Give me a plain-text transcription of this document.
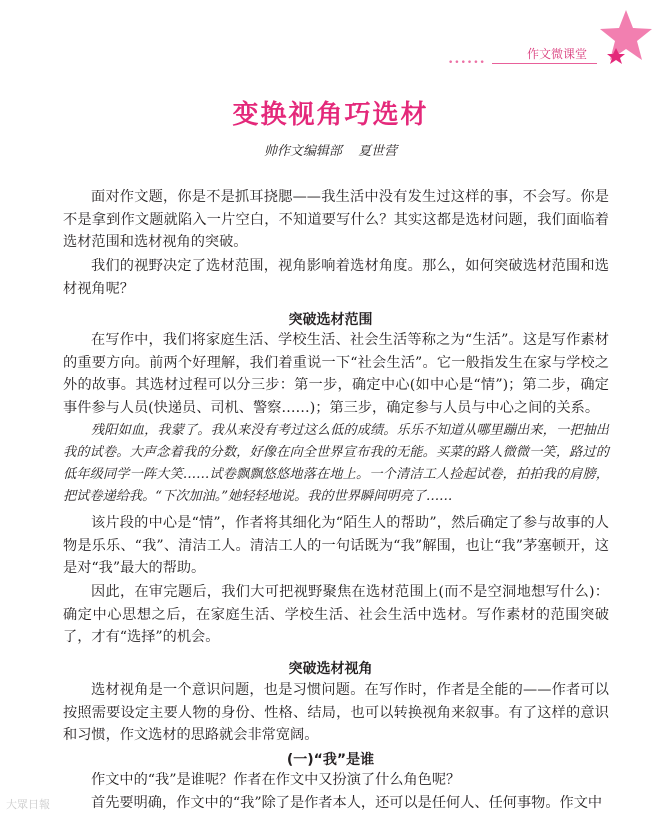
••••••
作文微课堂
变换视角巧选材
帅作文编辑部 夏世营

面对作文题，你是不是抓耳挠腮——我生活中没有发生过这样的事，不会写。你是不是拿到作文题就陷入一片空白，不知道要写什么？其实这都是选材问题，我们面临着选材范围和选材视角的突破。

我们的视野决定了选材范围，视角影响着选材角度。那么，如何突破选材范围和选材视角呢？

突破选材范围

在写作中，我们将家庭生活、学校生活、社会生活等称之为“生活”。这是写作素材的重要方向。前两个好理解，我们着重说一下“社会生活”。它一般指发生在家与学校之外的故事。其选材过程可以分三步：第一步，确定中心(如中心是“情”)；第二步，确定事件参与人员(快递员、司机、警察……)；第三步，确定参与人员与中心之间的关系。

残阳如血，我蒙了。我从来没有考过这么低的成绩。乐乐不知道从哪里蹦出来，一把抽出我的试卷。大声念着我的分数，好像在向全世界宣布我的无能。买菜的路人微微一笑，路过的低年级同学一阵大笑……试卷飘飘悠悠地落在地上。一个清洁工人捡起试卷，拍拍我的肩膀，把试卷递给我。“下次加油。”她轻轻地说。我的世界瞬间明亮了……

该片段的中心是“情”，作者将其细化为“陌生人的帮助”，然后确定了参与故事的人物是乐乐、“我”、清洁工人。清洁工人的一句话既为“我”解围，也让“我”茅塞顿开，这是对“我”最大的帮助。

因此，在审完题后，我们大可把视野聚焦在选材范围上(而不是空洞地想写什么)：确定中心思想之后，在家庭生活、学校生活、社会生活中选材。写作素材的范围突破了，才有“选择”的机会。

突破选材视角

选材视角是一个意识问题，也是习惯问题。在写作时，作者是全能的——作者可以按照需要设定主要人物的身份、性格、结局，也可以转换视角来叙事。有了这样的意识和习惯，作文选材的思路就会非常宽阔。

(一)“我”是谁

作文中的“我”是谁呢？作者在作文中又扮演了什么角色呢？

首先要明确，作文中的“我”除了是作者本人，还可以是任何人、任何事物。作文中

大眾日報
